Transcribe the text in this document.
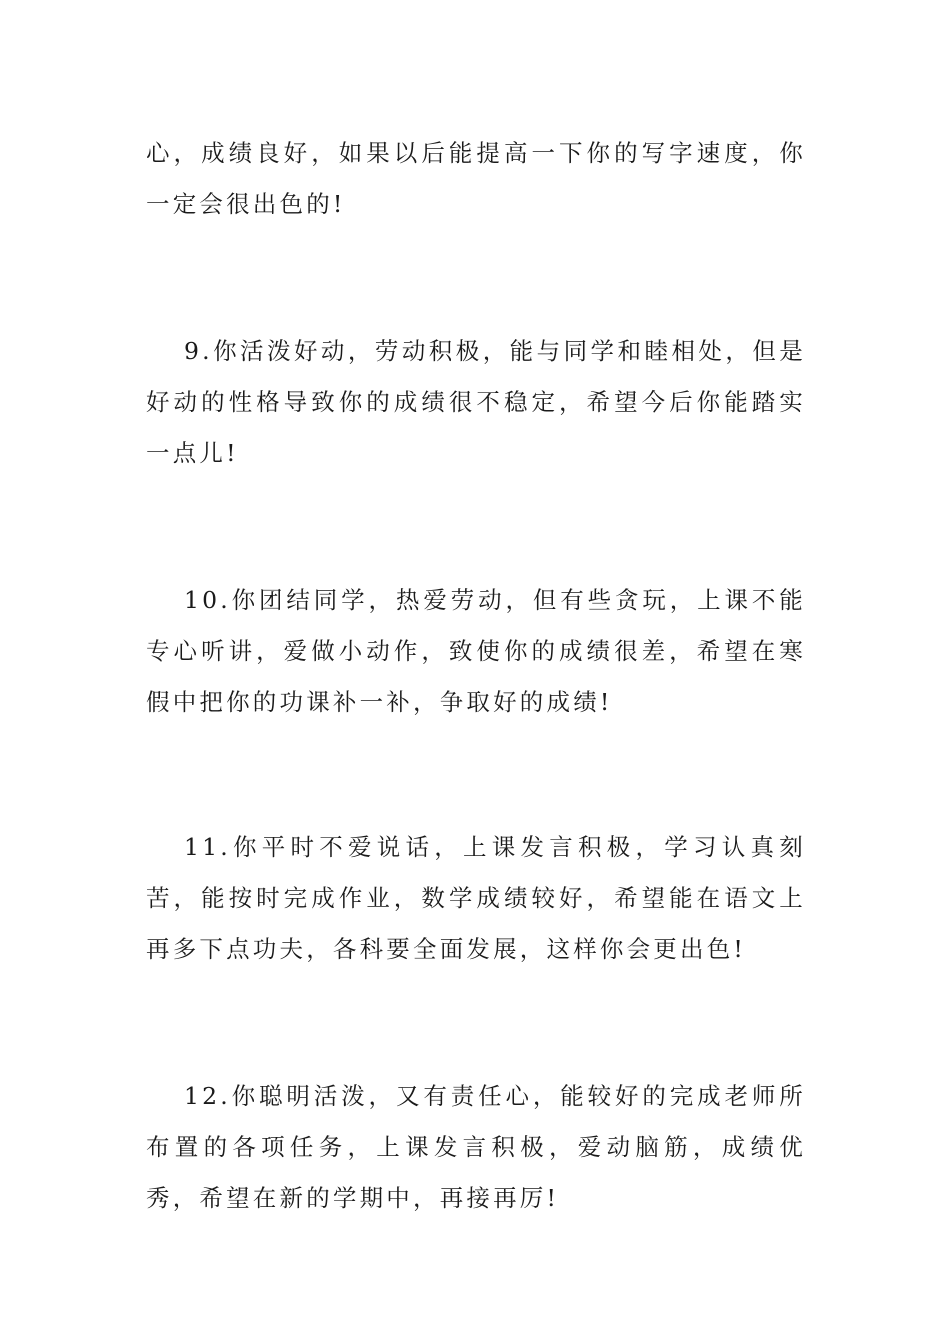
心，成绩良好，如果以后能提高一下你的写字速度，你一定会很出色的!

9.你活泼好动，劳动积极，能与同学和睦相处，但是好动的性格导致你的成绩很不稳定，希望今后你能踏实一点儿!

10.你团结同学，热爱劳动，但有些贪玩，上课不能专心听讲，爱做小动作，致使你的成绩很差，希望在寒假中把你的功课补一补，争取好的成绩!

11.你平时不爱说话，上课发言积极，学习认真刻苦，能按时完成作业，数学成绩较好，希望能在语文上再多下点功夫，各科要全面发展，这样你会更出色!

12.你聪明活泼，又有责任心，能较好的完成老师所布置的各项任务，上课发言积极，爱动脑筋，成绩优秀，希望在新的学期中，再接再厉!
